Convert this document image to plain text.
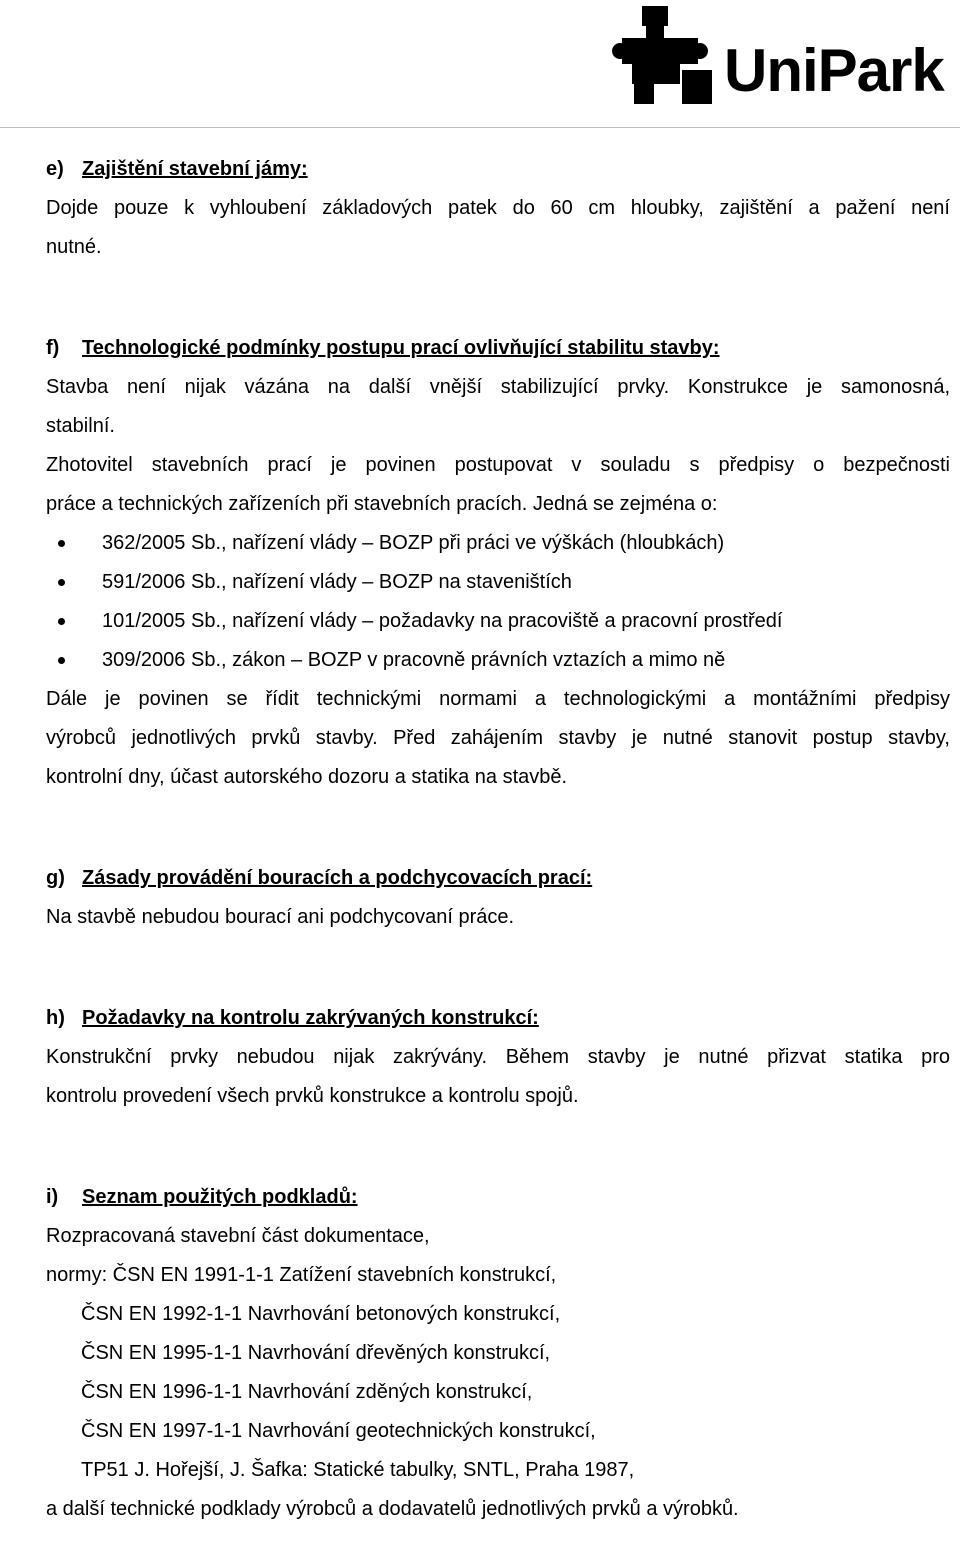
UniPark
e) Zajištění stavební jámy:
Dojde pouze k vyhloubení základových patek do 60 cm hloubky, zajištění a pažení není
nutné.
f) Technologické podmínky postupu prací ovlivňující stabilitu stavby:
Stavba není nijak vázána na další vnější stabilizující prvky. Konstrukce je samonosná,
stabilní.
Zhotovitel stavebních prací je povinen postupovat v souladu s předpisy o bezpečnosti
práce a technických zařízeních při stavebních pracích. Jedná se zejména o:
362/2005 Sb., nařízení vlády – BOZP při práci ve výškách (hloubkách)
591/2006 Sb., nařízení vlády – BOZP na staveništích
101/2005 Sb., nařízení vlády – požadavky na pracoviště a pracovní prostředí
309/2006 Sb., zákon – BOZP v pracovně právních vztazích a mimo ně
Dále je povinen se řídit technickými normami a technologickými a montážními předpisy
výrobců jednotlivých prvků stavby. Před zahájením stavby je nutné stanovit postup stavby,
kontrolní dny, účast autorského dozoru a statika na stavbě.
g) Zásady provádění bouracích a podchycovacích prací:
Na stavbě nebudou bourací ani podchycovaní práce.
h) Požadavky na kontrolu zakrývaných konstrukcí:
Konstrukční prvky nebudou nijak zakrývány. Během stavby je nutné přizvat statika pro
kontrolu provedení všech prvků konstrukce a kontrolu spojů.
i) Seznam použitých podkladů:
Rozpracovaná stavební část dokumentace,
normy: ČSN EN 1991-1-1 Zatížení stavebních konstrukcí,
ČSN EN 1992-1-1 Navrhování betonových konstrukcí,
ČSN EN 1995-1-1 Navrhování dřevěných konstrukcí,
ČSN EN 1996-1-1 Navrhování zděných konstrukcí,
ČSN EN 1997-1-1 Navrhování geotechnických konstrukcí,
TP51 J. Hořejší, J. Šafka: Statické tabulky, SNTL, Praha 1987,
a další technické podklady výrobců a dodavatelů jednotlivých prvků a výrobků.
